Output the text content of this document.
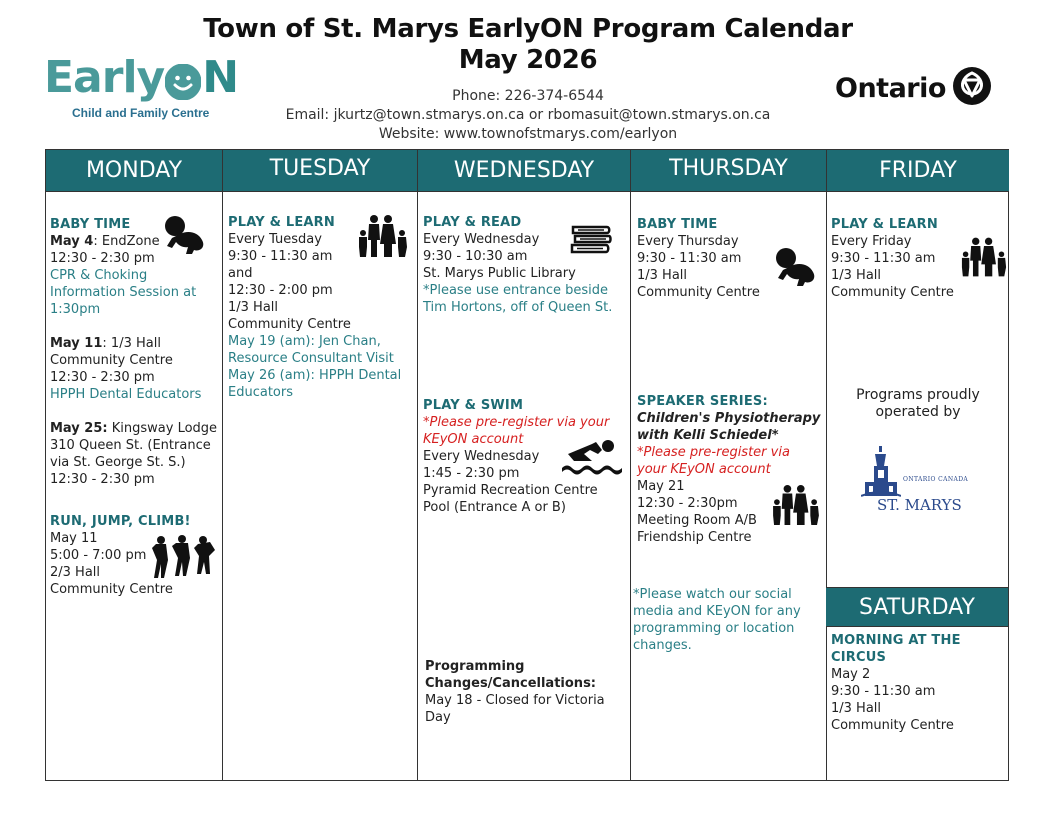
Town of St. Marys EarlyON Program Calendar
May 2026
Phone: 226-374-6544
Email: jkurtz@town.stmarys.on.ca or rbomasuit@town.stmarys.on.ca
Website: www.townofstmarys.com/earlyon
Early N
Child and Family Centre
Ontario
MONDAY
BABY TIME
May 4: EndZone
12:30 - 2:30 pm
CPR & Choking Information Session at 1:30pm
May 11: 1/3 Hall
Community Centre
12:30 - 2:30 pm
HPPH Dental Educators
May 25: Kingsway Lodge 310 Queen St. (Entrance via St. George St. S.)
12:30 - 2:30 pm
RUN, JUMP, CLIMB!
May 11
5:00 - 7:00 pm
2/3 Hall
Community Centre
TUESDAY
PLAY & LEARN
Every Tuesday
9:30 - 11:30 am
and
12:30 - 2:00 pm
1/3 Hall
Community Centre
May 19 (am): Jen Chan, Resource Consultant Visit
May 26 (am): HPPH Dental Educators
WEDNESDAY
PLAY & READ
Every Wednesday
9:30 - 10:30 am
St. Marys Public Library
*Please use entrance beside Tim Hortons, off of Queen St.
PLAY & SWIM
*Please pre-register via your KEyON account
Every Wednesday
1:45 - 2:30 pm
Pyramid Recreation Centre Pool (Entrance A or B)
Programming Changes/Cancellations:
May 18 - Closed for Victoria Day
THURSDAY
BABY TIME
Every Thursday
9:30 - 11:30 am
1/3 Hall
Community Centre
SPEAKER SERIES:
Children's Physiotherapy with Kelli Schiedel*
*Please pre-register via your KEyON account
May 21
12:30 - 2:30pm
Meeting Room A/B
Friendship Centre
*Please watch our social media and KEyON for any programming or location changes.
FRIDAY
PLAY & LEARN
Every Friday
9:30 - 11:30 am
1/3 Hall
Community Centre
Programs proudly operated by
ONTARIO CANADA
ST. MARYS
SATURDAY
MORNING AT THE CIRCUS
May 2
9:30 - 11:30 am
1/3 Hall
Community Centre
